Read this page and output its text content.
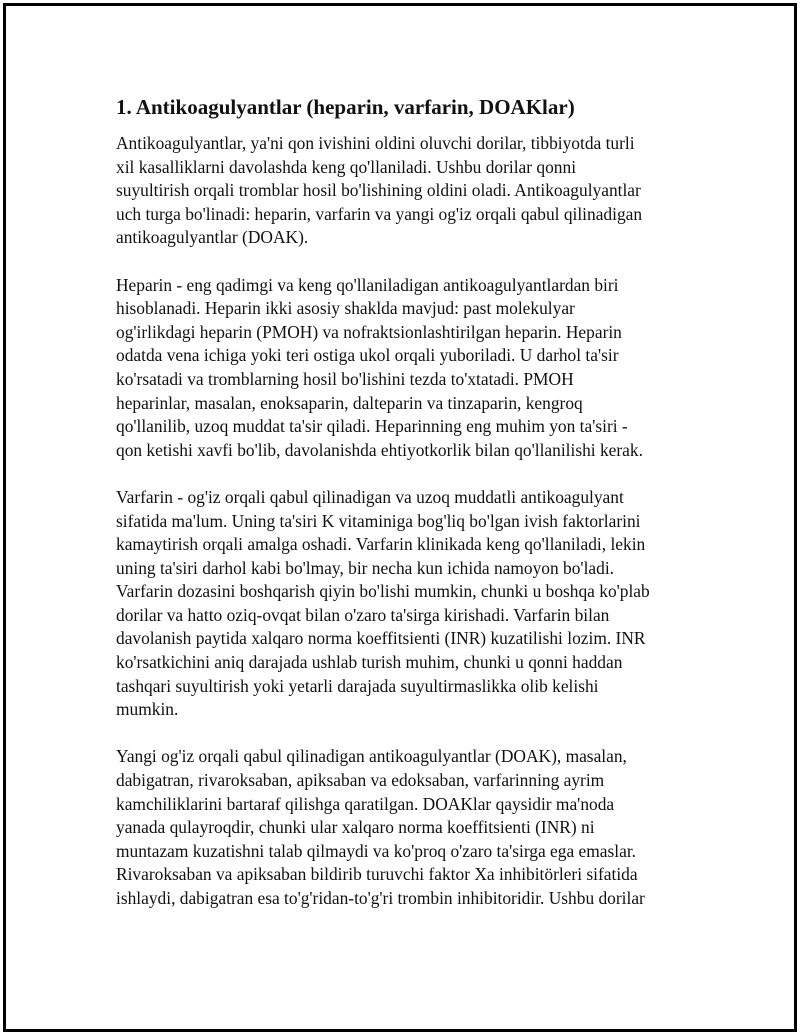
1. Antikoagulyantlar (heparin, varfarin, DOAKlar)
Antikoagulyantlar, ya'ni qon ivishini oldini oluvchi dorilar, tibbiyotda turli
xil kasalliklarni davolashda keng qo'llaniladi. Ushbu dorilar qonni
suyultirish orqali tromblar hosil bo'lishining oldini oladi. Antikoagulyantlar
uch turga bo'linadi: heparin, varfarin va yangi og'iz orqali qabul qilinadigan
antikoagulyantlar (DOAK).
Heparin - eng qadimgi va keng qo'llaniladigan antikoagulyantlardan biri
hisoblanadi. Heparin ikki asosiy shaklda mavjud: past molekulyar
og'irlikdagi heparin (PMOH) va nofraktsionlashtirilgan heparin. Heparin
odatda vena ichiga yoki teri ostiga ukol orqali yuboriladi. U darhol ta'sir
ko'rsatadi va tromblarning hosil bo'lishini tezda to'xtatadi. PMOH
heparinlar, masalan, enoksaparin, dalteparin va tinzaparin, kengroq
qo'llanilib, uzoq muddat ta'sir qiladi. Heparinning eng muhim yon ta'siri -
qon ketishi xavfi bo'lib, davolanishda ehtiyotkorlik bilan qo'llanilishi kerak.
Varfarin - og'iz orqali qabul qilinadigan va uzoq muddatli antikoagulyant
sifatida ma'lum. Uning ta'siri K vitaminiga bog'liq bo'lgan ivish faktorlarini
kamaytirish orqali amalga oshadi. Varfarin klinikada keng qo'llaniladi, lekin
uning ta'siri darhol kabi bo'lmay, bir necha kun ichida namoyon bo'ladi.
Varfarin dozasini boshqarish qiyin bo'lishi mumkin, chunki u boshqa ko'plab
dorilar va hatto oziq-ovqat bilan o'zaro ta'sirga kirishadi. Varfarin bilan
davolanish paytida xalqaro norma koeffitsienti (INR) kuzatilishi lozim. INR
ko'rsatkichini aniq darajada ushlab turish muhim, chunki u qonni haddan
tashqari suyultirish yoki yetarli darajada suyultirmaslikka olib kelishi
mumkin.
Yangi og'iz orqali qabul qilinadigan antikoagulyantlar (DOAK), masalan,
dabigatran, rivaroksaban, apiksaban va edoksaban, varfarinning ayrim
kamchiliklarini bartaraf qilishga qaratilgan. DOAKlar qaysidir ma'noda
yanada qulayroqdir, chunki ular xalqaro norma koeffitsienti (INR) ni
muntazam kuzatishni talab qilmaydi va ko'proq o'zaro ta'sirga ega emaslar.
Rivaroksaban va apiksaban bildirib turuvchi faktor Xa inhibitörleri sifatida
ishlaydi, dabigatran esa to'g'ridan-to'g'ri trombin inhibitoridir. Ushbu dorilar
